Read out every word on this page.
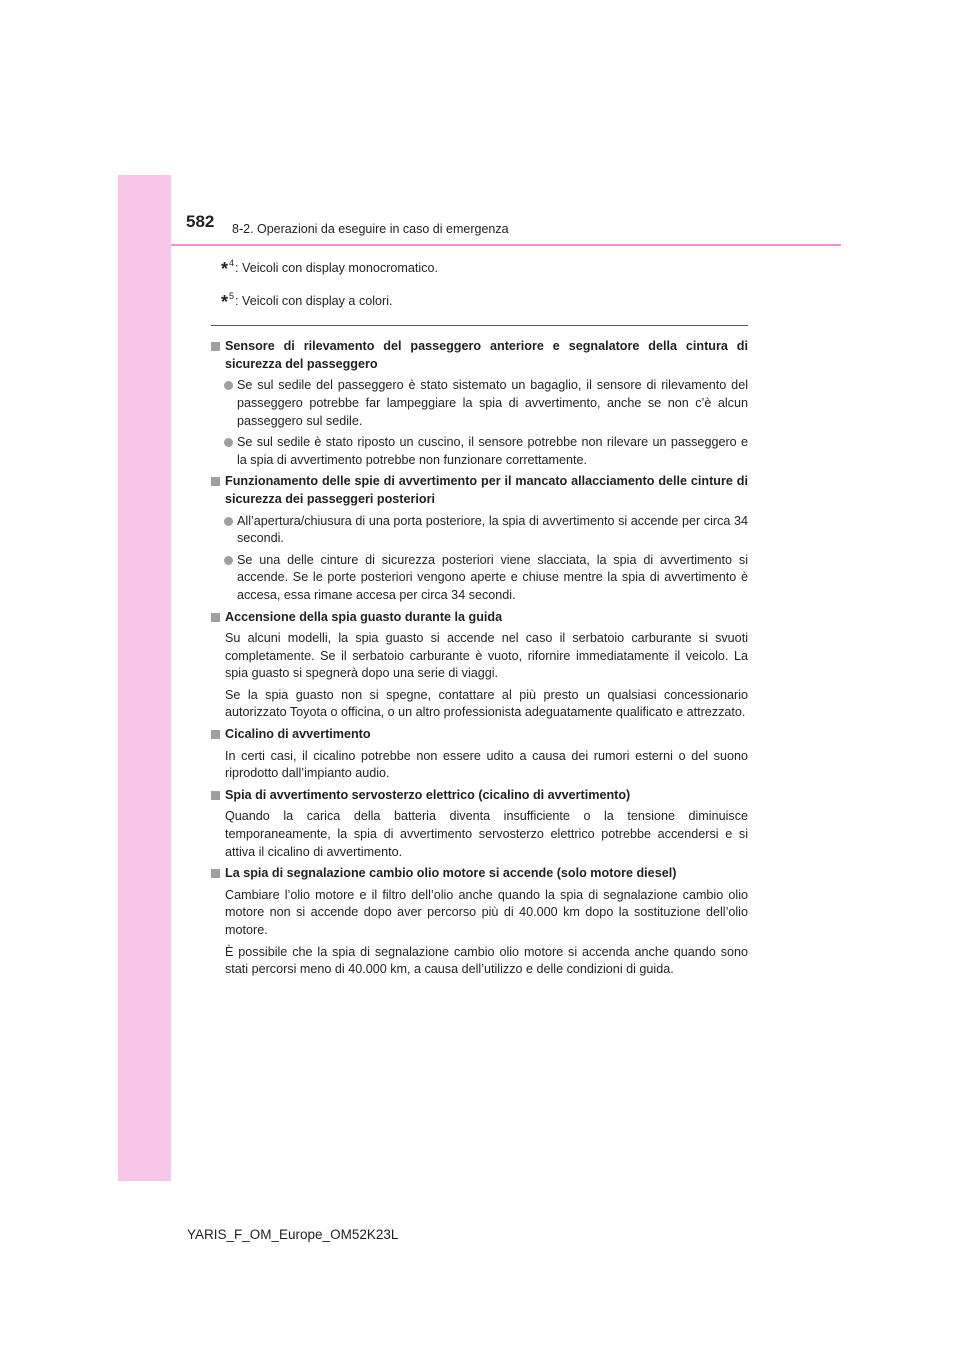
582 8-2. Operazioni da eseguire in caso di emergenza
*$^4$: Veicoli con display monocromatico.
*$^5$: Veicoli con display a colori.
Sensore di rilevamento del passeggero anteriore e segnalatore della cintura di sicurezza del passeggero
Se sul sedile del passeggero è stato sistemato un bagaglio, il sensore di rilevamento del passeggero potrebbe far lampeggiare la spia di avvertimento, anche se non c’è alcun passeggero sul sedile.
Se sul sedile è stato riposto un cuscino, il sensore potrebbe non rilevare un passeggero e la spia di avvertimento potrebbe non funzionare correttamente.
Funzionamento delle spie di avvertimento per il mancato allacciamento delle cinture di sicurezza dei passeggeri posteriori
All’apertura/chiusura di una porta posteriore, la spia di avvertimento si accende per circa 34 secondi.
Se una delle cinture di sicurezza posteriori viene slacciata, la spia di avvertimento si accende. Se le porte posteriori vengono aperte e chiuse mentre la spia di avvertimento è accesa, essa rimane accesa per circa 34 secondi.
Accensione della spia guasto durante la guida
Su alcuni modelli, la spia guasto si accende nel caso il serbatoio carburante si svuoti completamente. Se il serbatoio carburante è vuoto, rifornire immediatamente il veicolo. La spia guasto si spegnerà dopo una serie di viaggi.
Se la spia guasto non si spegne, contattare al più presto un qualsiasi concessionario autorizzato Toyota o officina, o un altro professionista adeguatamente qualificato e attrezzato.
Cicalino di avvertimento
In certi casi, il cicalino potrebbe non essere udito a causa dei rumori esterni o del suono riprodotto dall’impianto audio.
Spia di avvertimento servosterzo elettrico (cicalino di avvertimento)
Quando la carica della batteria diventa insufficiente o la tensione diminuisce temporaneamente, la spia di avvertimento servosterzo elettrico potrebbe accendersi e si attiva il cicalino di avvertimento.
La spia di segnalazione cambio olio motore si accende (solo motore diesel)
Cambiare l’olio motore e il filtro dell’olio anche quando la spia di segnalazione cambio olio motore non si accende dopo aver percorso più di 40.000 km dopo la sostituzione dell’olio motore.
È possibile che la spia di segnalazione cambio olio motore si accenda anche quando sono stati percorsi meno di 40.000 km, a causa dell’utilizzo e delle condizioni di guida.
YARIS_F_OM_Europe_OM52K23L
